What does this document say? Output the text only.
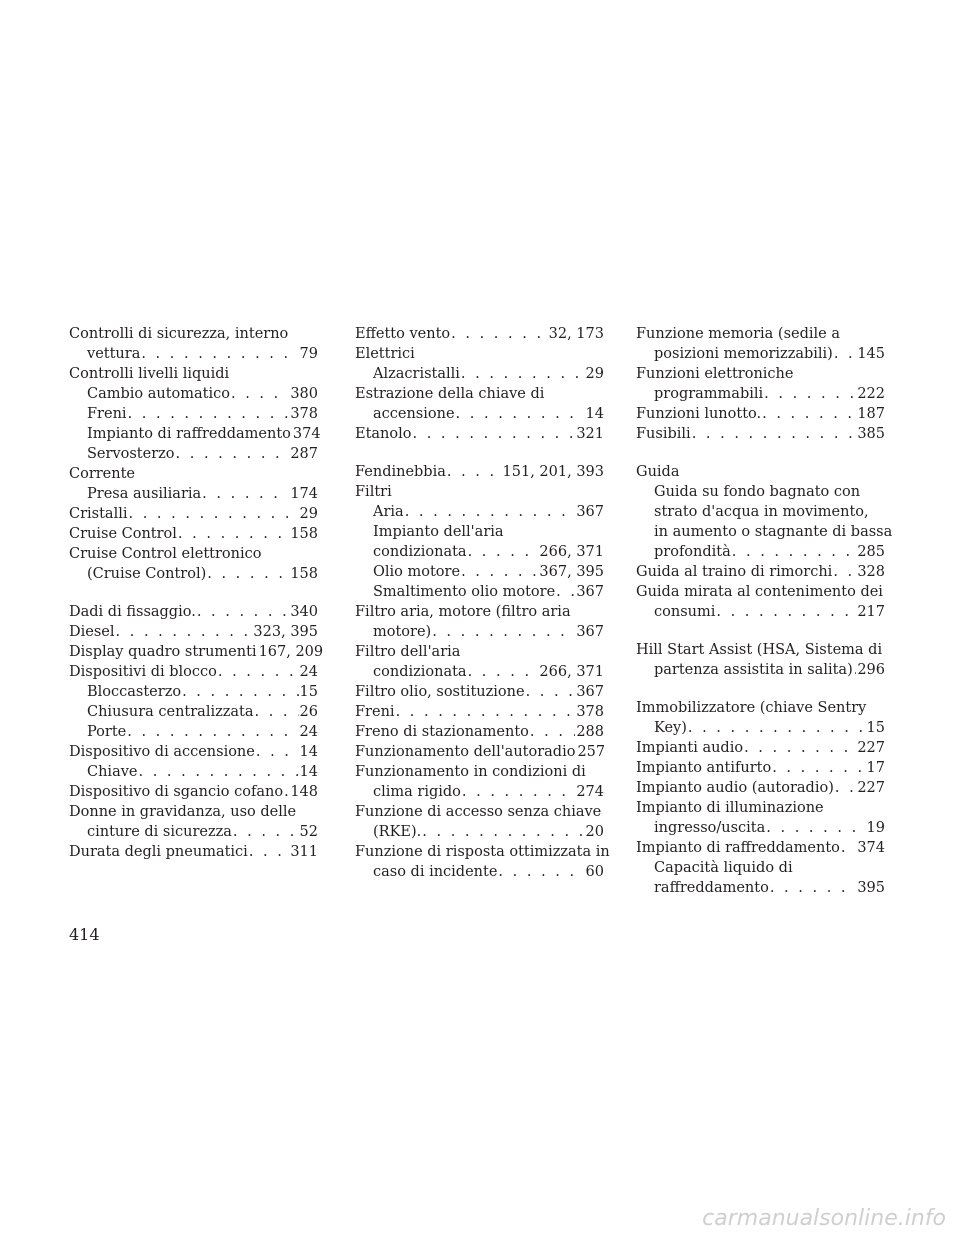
Controlli di sicurezza, interno
vettura . . .	79
Controlli livelli liquidi
Cambio automatico . . .	380
Freni . . .	378
Impianto di raffreddamento 374
Servosterzo . . .	287
Corrente
Presa ausiliaria . . .	174
Cristalli . . .	29
Cruise Control . . .	158
Cruise Control elettronico
(Cruise Control) . . .	158
Dadi di fissaggio. . . .	340
Diesel . . .	323, 395
Display quadro strumenti 167, 209
Dispositivi di blocco . . .	24
Bloccasterzo . . .	15
Chiusura centralizzata . . .	26
Porte . . .	24
Dispositivo di accensione . . .	14
Chiave . . .	14
Dispositivo di sgancio cofano . . . 148
Donne in gravidanza, uso delle
cinture di sicurezza . . .	52
Durata degli pneumatici . . .	311
Effetto vento . . .	32, 173
Elettrici
Alzacristalli . . .	29
Estrazione della chiave di
accensione . . .	14
Etanolo . . .	321
Fendinebbia . . .	151, 201, 393
Filtri
Aria . . .	367
Impianto dell'aria
condizionata . . .	266, 371
Olio motore . . .	367, 395
Smaltimento olio motore . . . 367
Filtro aria, motore (filtro aria
motore) . . .	367
Filtro dell'aria
condizionata . . .	266, 371
Filtro olio, sostituzione . . .	367
Freni . . .	378
Freno di stazionamento . . .	288
Funzionamento dell'autoradio 257
Funzionamento in condizioni di
clima rigido . . .	274
Funzione di accesso senza chiave
(RKE). . . .	20
Funzione di risposta ottimizzata in
caso di incidente . . .	60
Funzione memoria (sedile a
posizioni memorizzabili) . . . 145
Funzioni elettroniche
programmabili . . .	222
Funzioni lunotto. . . .	187
Fusibili . . .	385
Guida
Guida su fondo bagnato con
strato d'acqua in movimento,
in aumento o stagnante di bassa
profondità . . .	285
Guida al traino di rimorchi . . . 328
Guida mirata al contenimento dei
consumi . . .	217
Hill Start Assist (HSA, Sistema di
partenza assistita in salita) . . . 296
Immobilizzatore (chiave Sentry
Key) . . .	15
Impianti audio . . .	227
Impianto antifurto . . .	17
Impianto audio (autoradio) . . . 227
Impianto di illuminazione
ingresso/uscita . . .	19
Impianto di raffreddamento . . . 374
Capacità liquido di
raffreddamento . . .	395
414
carmanualsonline.info
